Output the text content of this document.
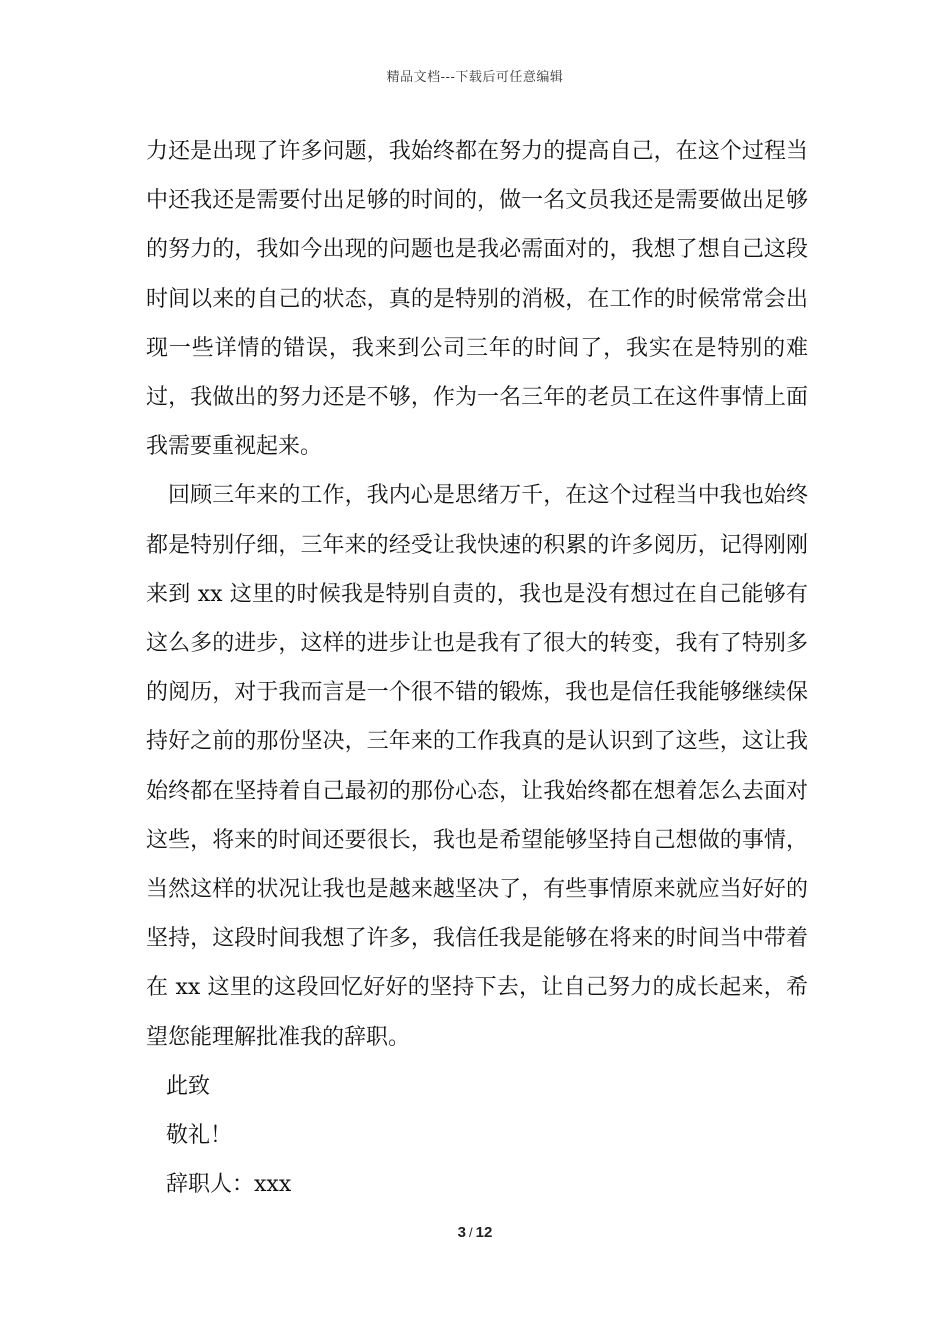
精品文档---下载后可任意编辑

力还是出现了许多问题，我始终都在努力的提高自己，在这个过程当中还我还是需要付出足够的时间的，做一名文员我还是需要做出足够的努力的，我如今出现的问题也是我必需面对的，我想了想自己这段时间以来的自己的状态，真的是特别的消极，在工作的时候常常会出现一些详情的错误，我来到公司三年的时间了，我实在是特别的难过，我做出的努力还是不够，作为一名三年的老员工在这件事情上面我需要重视起来。

回顾三年来的工作，我内心是思绪万千，在这个过程当中我也始终都是特别仔细，三年来的经受让我快速的积累的许多阅历，记得刚刚来到 xx 这里的时候我是特别自责的，我也是没有想过在自己能够有这么多的进步，这样的进步让也是我有了很大的转变，我有了特别多的阅历，对于我而言是一个很不错的锻炼，我也是信任我能够继续保持好之前的那份坚决，三年来的工作我真的是认识到了这些，这让我始终都在坚持着自己最初的那份心态，让我始终都在想着怎么去面对这些，将来的时间还要很长，我也是希望能够坚持自己想做的事情，当然这样的状况让我也是越来越坚决了，有些事情原来就应当好好的坚持，这段时间我想了许多，我信任我是能够在将来的时间当中带着在 xx 这里的这段回忆好好的坚持下去，让自己努力的成长起来，希望您能理解批准我的辞职。

此致

敬礼！

辞职人：xxx

3 / 12
